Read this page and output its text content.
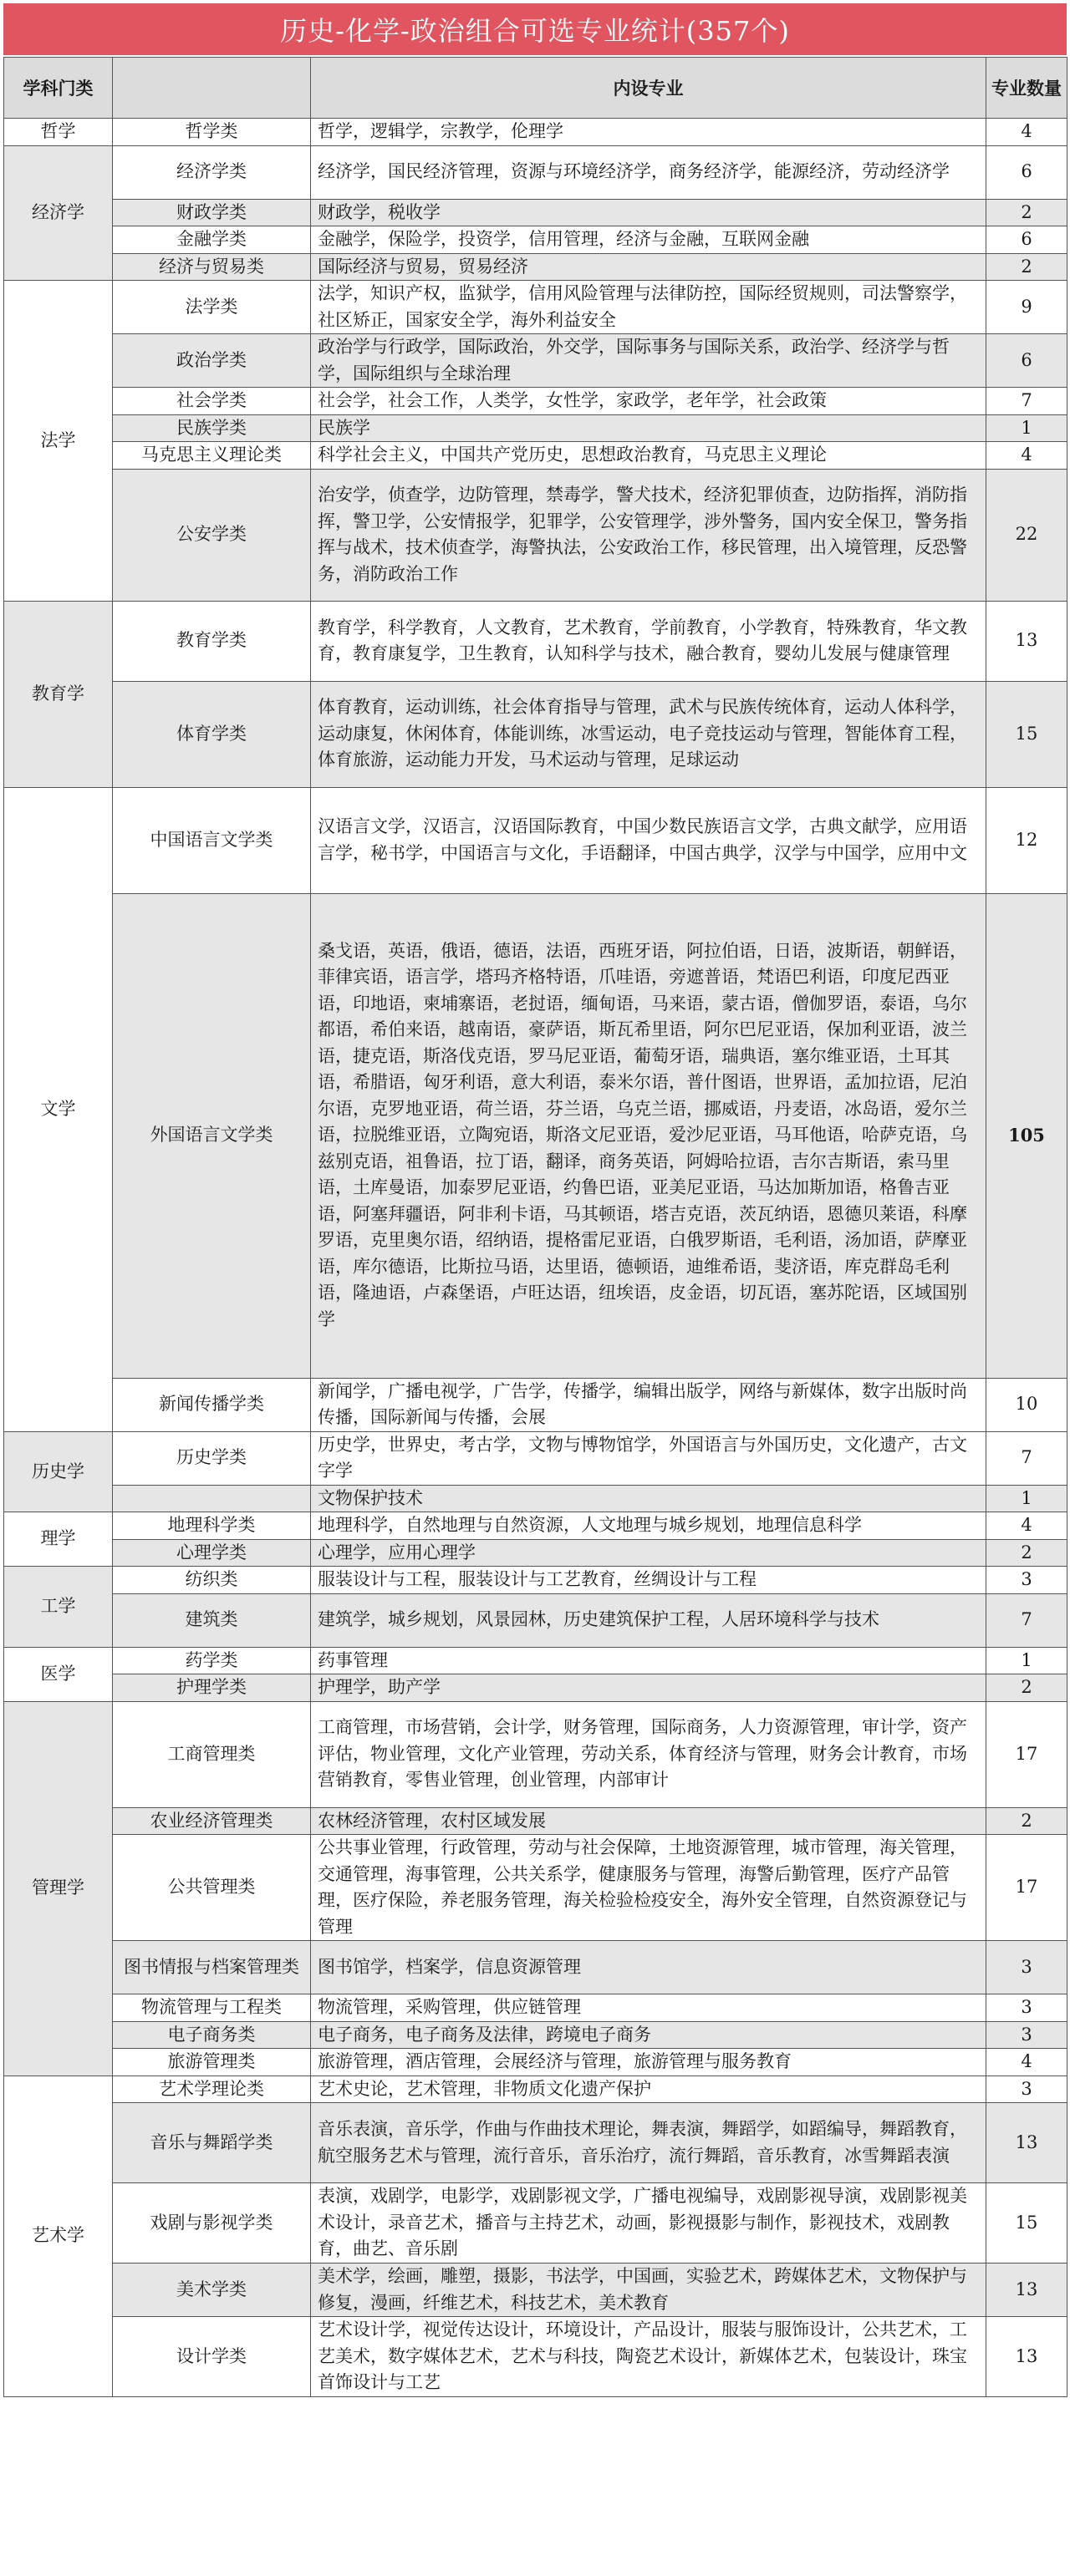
历史-化学-政治组合可选专业统计(357个)
学科门类		内设专业	专业数量
哲学	哲学类	哲学，逻辑学，宗教学，伦理学	4
经济学	经济学类	经济学，国民经济管理，资源与环境经济学，商务经济学，能源经济，劳动经济学	6
	财政学类	财政学，税收学	2
	金融学类	金融学，保险学，投资学，信用管理，经济与金融，互联网金融	6
	经济与贸易类	国际经济与贸易，贸易经济	2
法学	法学类	法学，知识产权，监狱学，信用风险管理与法律防控，国际经贸规则，司法警察学，社区矫正，国家安全学，海外利益安全	9
	政治学类	政治学与行政学，国际政治，外交学，国际事务与国际关系，政治学、经济学与哲学，国际组织与全球治理	6
	社会学类	社会学，社会工作，人类学，女性学，家政学，老年学，社会政策	7
	民族学类	民族学	1
	马克思主义理论类	科学社会主义，中国共产党历史，思想政治教育，马克思主义理论	4
	公安学类	治安学，侦查学，边防管理，禁毒学，警犬技术，经济犯罪侦查，边防指挥，消防指挥，警卫学，公安情报学，犯罪学，公安管理学，涉外警务，国内安全保卫，警务指挥与战术，技术侦查学，海警执法，公安政治工作，移民管理，出入境管理，反恐警务，消防政治工作	22
教育学	教育学类	教育学，科学教育，人文教育，艺术教育，学前教育，小学教育，特殊教育，华文教育，教育康复学，卫生教育，认知科学与技术，融合教育，婴幼儿发展与健康管理	13
	体育学类	体育教育，运动训练，社会体育指导与管理，武术与民族传统体育，运动人体科学，运动康复，休闲体育，体能训练，冰雪运动，电子竞技运动与管理，智能体育工程，体育旅游，运动能力开发，马术运动与管理，足球运动	15
文学	中国语言文学类	汉语言文学，汉语言，汉语国际教育，中国少数民族语言文学，古典文献学，应用语言学，秘书学，中国语言与文化，手语翻译，中国古典学，汉学与中国学，应用中文	12
	外国语言文学类	桑戈语，英语，俄语，德语，法语，西班牙语，阿拉伯语，日语，波斯语，朝鲜语，菲律宾语，语言学，塔玛齐格特语，爪哇语，旁遮普语，梵语巴利语，印度尼西亚语，印地语，柬埔寨语，老挝语，缅甸语，马来语，蒙古语，僧伽罗语，泰语，乌尔都语，希伯来语，越南语，豪萨语，斯瓦希里语，阿尔巴尼亚语，保加利亚语，波兰语，捷克语，斯洛伐克语，罗马尼亚语，葡萄牙语，瑞典语，塞尔维亚语，土耳其语，希腊语，匈牙利语，意大利语，泰米尔语，普什图语，世界语，孟加拉语，尼泊尔语，克罗地亚语，荷兰语，芬兰语，乌克兰语，挪威语，丹麦语，冰岛语，爱尔兰语，拉脱维亚语，立陶宛语，斯洛文尼亚语，爱沙尼亚语，马耳他语，哈萨克语，乌兹别克语，祖鲁语，拉丁语，翻译，商务英语，阿姆哈拉语，吉尔吉斯语，索马里语，土库曼语，加泰罗尼亚语，约鲁巴语，亚美尼亚语，马达加斯加语，格鲁吉亚语，阿塞拜疆语，阿非利卡语，马其顿语，塔吉克语，茨瓦纳语，恩德贝莱语，科摩罗语，克里奥尔语，绍纳语，提格雷尼亚语，白俄罗斯语，毛利语，汤加语，萨摩亚语，库尔德语，比斯拉马语，达里语，德顿语，迪维希语，斐济语，库克群岛毛利语，隆迪语，卢森堡语，卢旺达语，纽埃语，皮金语，切瓦语，塞苏陀语，区域国别学	105
	新闻传播学类	新闻学，广播电视学，广告学，传播学，编辑出版学，网络与新媒体，数字出版时尚传播，国际新闻与传播，会展	10
历史学	历史学类	历史学，世界史，考古学，文物与博物馆学，外国语言与外国历史，文化遗产，古文字学	7
		文物保护技术	1
理学	地理科学类	地理科学，自然地理与自然资源，人文地理与城乡规划，地理信息科学	4
	心理学类	心理学，应用心理学	2
工学	纺织类	服装设计与工程，服装设计与工艺教育，丝绸设计与工程	3
	建筑类	建筑学，城乡规划，风景园林，历史建筑保护工程，人居环境科学与技术	7
医学	药学类	药事管理	1
	护理学类	护理学，助产学	2
管理学	工商管理类	工商管理，市场营销，会计学，财务管理，国际商务，人力资源管理，审计学，资产评估，物业管理，文化产业管理，劳动关系，体育经济与管理，财务会计教育，市场营销教育，零售业管理，创业管理，内部审计	17
	农业经济管理类	农林经济管理，农村区域发展	2
	公共管理类	公共事业管理，行政管理，劳动与社会保障，土地资源管理，城市管理，海关管理，交通管理，海事管理，公共关系学，健康服务与管理，海警后勤管理，医疗产品管理，医疗保险，养老服务管理，海关检验检疫安全，海外安全管理，自然资源登记与管理	17
	图书情报与档案管理类	图书馆学，档案学，信息资源管理	3
	物流管理与工程类	物流管理，采购管理，供应链管理	3
	电子商务类	电子商务，电子商务及法律，跨境电子商务	3
	旅游管理类	旅游管理，酒店管理，会展经济与管理，旅游管理与服务教育	4
艺术学	艺术学理论类	艺术史论，艺术管理，非物质文化遗产保护	3
	音乐与舞蹈学类	音乐表演，音乐学，作曲与作曲技术理论，舞表演，舞蹈学，如蹈编导，舞蹈教育，航空服务艺术与管理，流行音乐，音乐治疗，流行舞蹈，音乐教育，冰雪舞蹈表演	13
	戏剧与影视学类	表演，戏剧学，电影学，戏剧影视文学，广播电视编导，戏剧影视导演，戏剧影视美术设计，录音艺术，播音与主持艺术，动画，影视摄影与制作，影视技术，戏剧教育，曲艺、音乐剧	15
	美术学类	美术学，绘画，雕塑，摄影，书法学，中国画，实验艺术，跨媒体艺术，文物保护与修复，漫画，纤维艺术，科技艺术，美术教育	13
	设计学类	艺术设计学，视觉传达设计，环境设计，产品设计，服装与服饰设计，公共艺术，工艺美术，数字媒体艺术，艺术与科技，陶瓷艺术设计，新媒体艺术，包装设计，珠宝首饰设计与工艺	13
